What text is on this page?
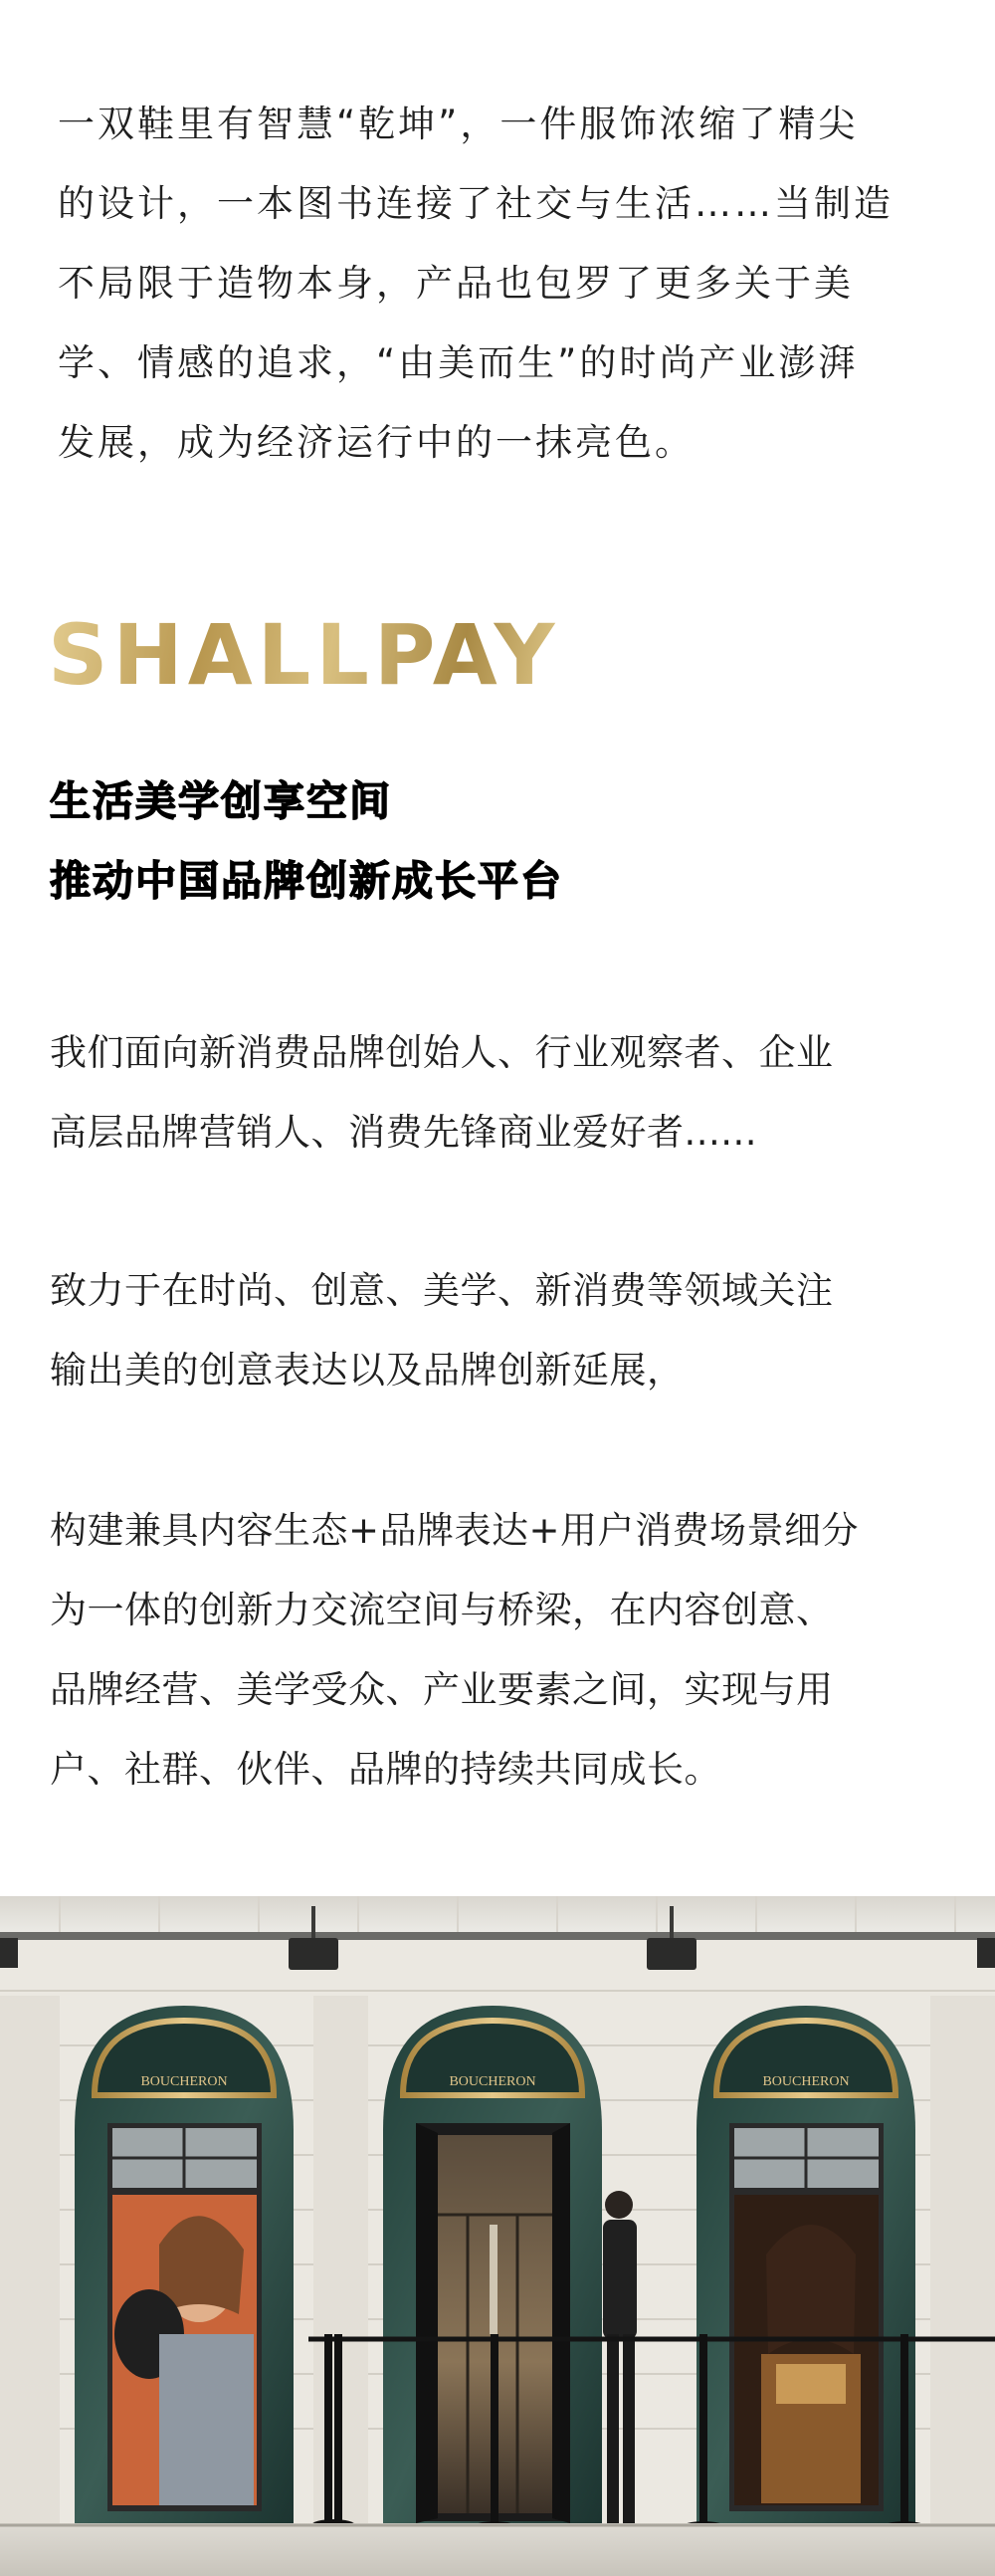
一双鞋里有智慧“乾坤”，一件服饰浓缩了精尖

的设计，一本图书连接了社交与生活……当制造

不局限于造物本身，产品也包罗了更多关于美

学、情感的追求，“由美而生”的时尚产业澎湃

发展，成为经济运行中的一抹亮色。

SHALLPAY

生活美学创享空间

推动中国品牌创新成长平台

我们面向新消费品牌创始人、行业观察者、企业

高层品牌营销人、消费先锋商业爱好者......

致力于在时尚、创意、美学、新消费等领域关注

输出美的创意表达以及品牌创新延展，

构建兼具内容生态+品牌表达+用户消费场景细分

为一体的创新力交流空间与桥梁，在内容创意、

品牌经营、美学受众、产业要素之间，实现与用

户、社群、伙伴、品牌的持续共同成长。

BOUCHERON	BOUCHERON	BOUCHERON
